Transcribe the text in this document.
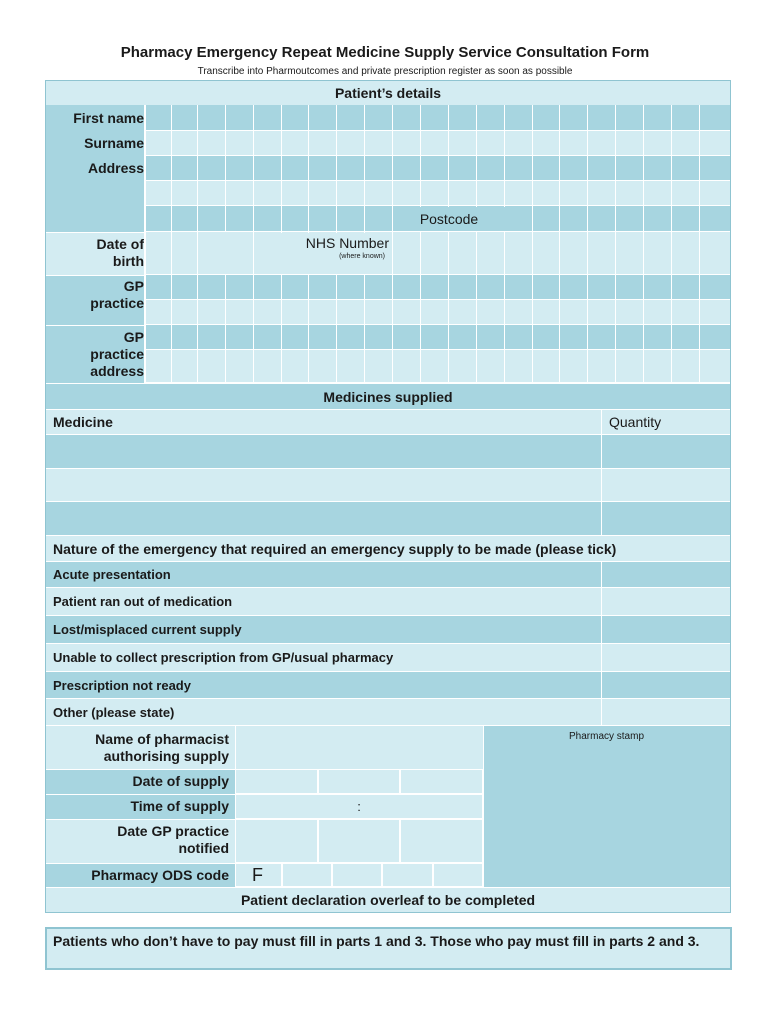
Pharmacy Emergency Repeat Medicine Supply Service Consultation Form
Transcribe into Pharmoutcomes and private prescription register as soon as possible
Patient’s details
First name
Surname
Address
Date of
birth
GP
practice
GP
practice
address
Postcode
NHS Number
(where known)
Medicines supplied
Medicine	Quantity
Nature of the emergency that required an emergency supply to be made (please tick)
Acute presentation
Patient ran out of medication
Lost/misplaced current supply
Unable to collect prescription from GP/usual pharmacy
Prescription not ready
Other (please state)
Name of pharmacist
authorising supply
Date of supply
Time of supply	:
Date GP practice
notified
Pharmacy ODS code	F
Pharmacy stamp
Patient declaration overleaf to be completed
Patients who don’t have to pay must fill in parts 1 and 3. Those who pay must fill in parts 2 and 3.
